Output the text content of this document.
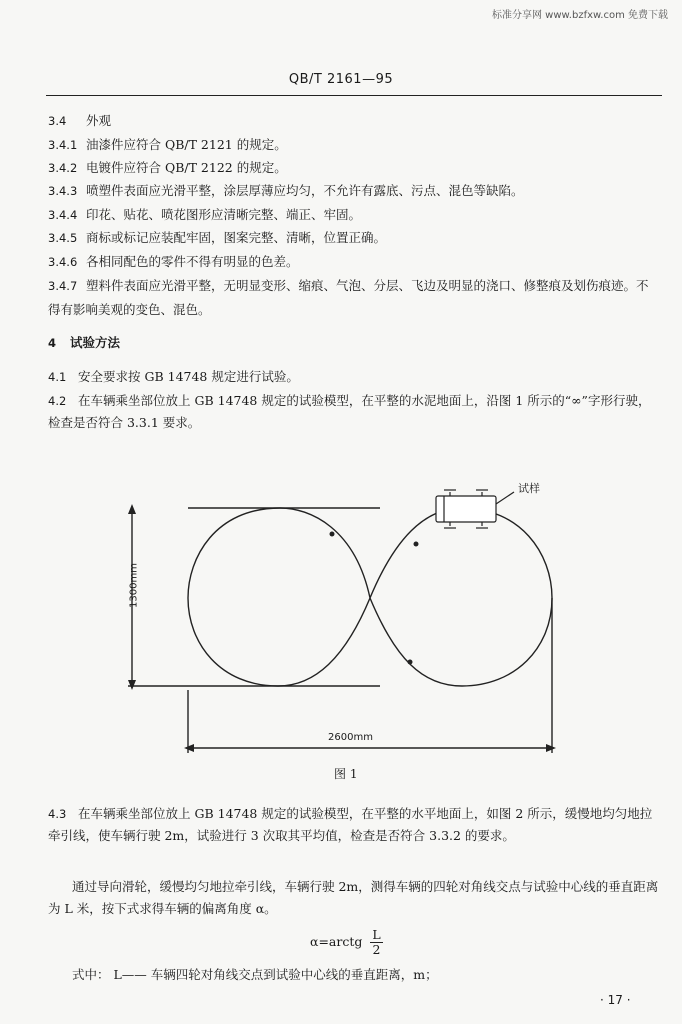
标准分享网 www.bzfxw.com 免费下载
QB/T 2161—95
3.4 外观
3.4.1 油漆件应符合 QB/T 2121 的规定。
3.4.2 电镀件应符合 QB/T 2122 的规定。
3.4.3 喷塑件表面应光滑平整，涂层厚薄应均匀，不允许有露底、污点、混色等缺陷。
3.4.4 印花、贴花、喷花图形应清晰完整、端正、牢固。
3.4.5 商标或标记应装配牢固，图案完整、清晰，位置正确。
3.4.6 各相同配色的零件不得有明显的色差。
3.4.7 塑料件表面应光滑平整，无明显变形、缩痕、气泡、分层、飞边及明显的浇口、修整痕及划伤痕迹。不得有影响美观的变色、混色。
4 试验方法
4.1 安全要求按 GB 14748 规定进行试验。
4.2 在车辆乘坐部位放上 GB 14748 规定的试验模型，在平整的水泥地面上，沿图 1 所示的“∞”字形行驶，检查是否符合 3.3.1 要求。
试样
1300mm
2600mm
图 1
4.3 在车辆乘坐部位放上 GB 14748 规定的试验模型，在平整的水平地面上，如图 2 所示，缓慢地均匀地拉牵引线，使车辆行驶 2m，试验进行 3 次取其平均值，检查是否符合 3.3.2 的要求。
通过导向滑轮，缓慢均匀地拉牵引线，车辆行驶 2m，测得车辆的四轮对角线交点与试验中心线的垂直距离为 L 米，按下式求得车辆的偏离角度 α。
α=arctg $\frac{L}{2}$
式中： L—— 车辆四轮对角线交点到试验中心线的垂直距离，m；
· 17 ·
